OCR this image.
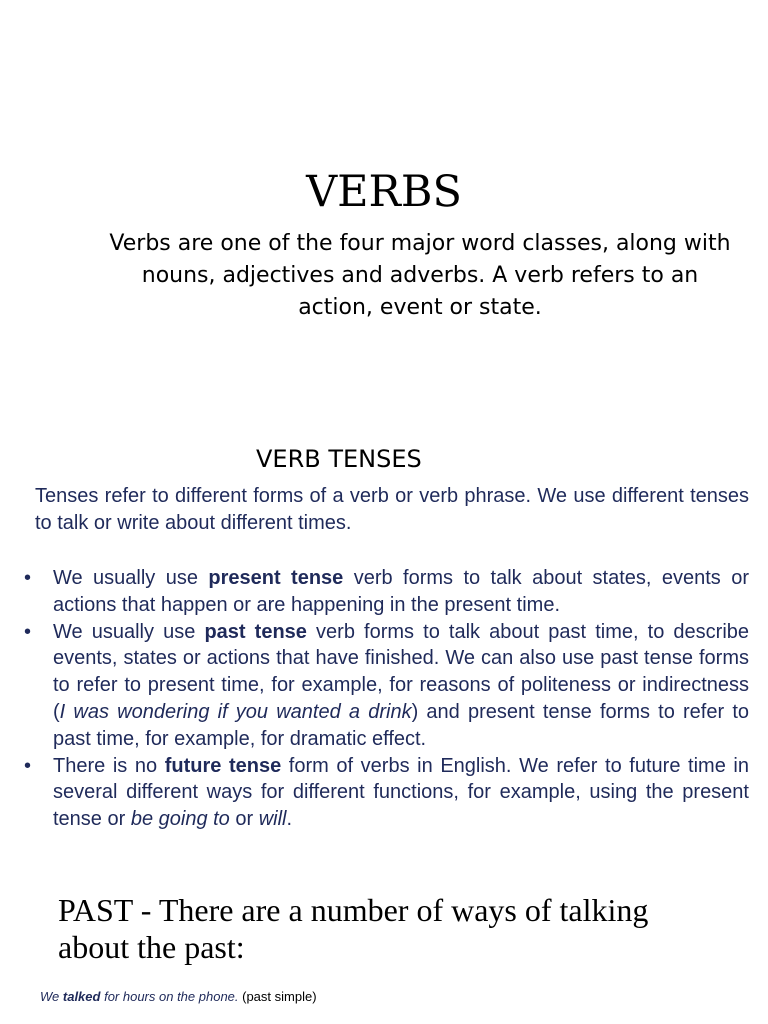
VERBS

Verbs are one of the four major word classes, along with nouns, adjectives and adverbs. A verb refers to an action, event or state.

VERB TENSES

Tenses refer to different forms of a verb or verb phrase. We use different tenses to talk or write about different times.

• We usually use present tense verb forms to talk about states, events or actions that happen or are happening in the present time.
• We usually use past tense verb forms to talk about past time, to describe events, states or actions that have finished. We can also use past tense forms to refer to present time, for example, for reasons of politeness or indirectness (I was wondering if you wanted a drink) and present tense forms to refer to past time, for example, for dramatic effect.
• There is no future tense form of verbs in English. We refer to future time in several different ways for different functions, for example, using the present tense or be going to or will.

PAST - There are a number of ways of talking about the past:

We talked for hours on the phone. (past simple)
